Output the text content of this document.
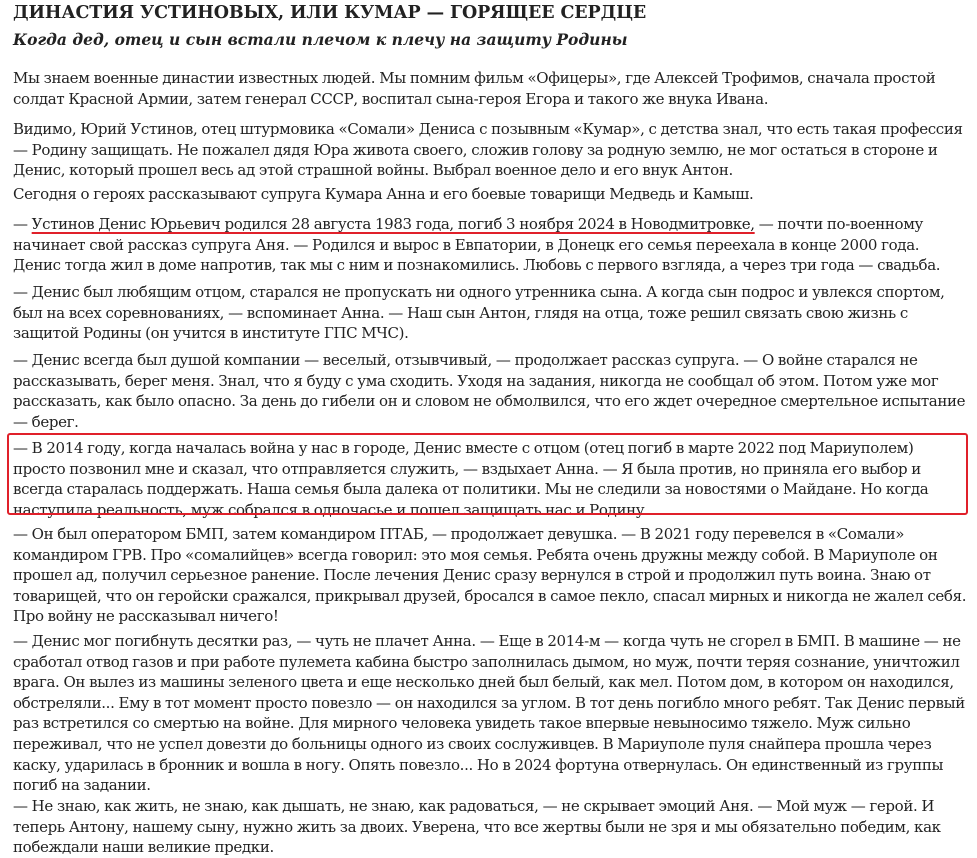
ДИНАСТИЯ УСТИНОВЫХ, ИЛИ КУМАР — ГОРЯЩЕЕ СЕРДЦЕ
Когда дед, отец и сын встали плечом к плечу на защиту Родины

Мы знаем военные династии известных людей. Мы помним фильм «Офицеры», где Алексей Трофимов, сначала простой солдат Красной Армии, затем генерал СССР, воспитал сына-героя Егора и такого же внука Ивана.

Видимо, Юрий Устинов, отец штурмовика «Сомали» Дениса с позывным «Кумар», с детства знал, что есть такая профессия — Родину защищать. Не пожалел дядя Юра живота своего, сложив голову за родную землю, не мог остаться в стороне и Денис, который прошел весь ад этой страшной войны. Выбрал военное дело и его внук Антон.

Сегодня о героях рассказывают супруга Кумара Анна и его боевые товарищи Медведь и Камыш.

— Устинов Денис Юрьевич родился 28 августа 1983 года, погиб 3 ноября 2024 в Новодмитровке, — почти по-военному начинает свой рассказ супруга Аня. — Родился и вырос в Евпатории, в Донецк его семья переехала в конце 2000 года. Денис тогда жил в доме напротив, так мы с ним и познакомились. Любовь с первого взгляда, а через три года — свадьба.

— Денис был любящим отцом, старался не пропускать ни одного утренника сына. А когда сын подрос и увлекся спортом, был на всех соревнованиях, — вспоминает Анна. — Наш сын Антон, глядя на отца, тоже решил связать свою жизнь с защитой Родины (он учится в институте ГПС МЧС).

— Денис всегда был душой компании — веселый, отзывчивый, — продолжает рассказ супруга. — О войне старался не рассказывать, берег меня. Знал, что я буду с ума сходить. Уходя на задания, никогда не сообщал об этом. Потом уже мог рассказать, как было опасно. За день до гибели он и словом не обмолвился, что его ждет очередное смертельное испытание — берег.

— В 2014 году, когда началась война у нас в городе, Денис вместе с отцом (отец погиб в марте 2022 под Мариуполем) просто позвонил мне и сказал, что отправляется служить, — вздыхает Анна. — Я была против, но приняла его выбор и всегда старалась поддержать. Наша семья была далека от политики. Мы не следили за новостями о Майдане. Но когда наступила реальность, муж собрался в одночасье и пошел защищать нас и Родину.

— Он был оператором БМП, затем командиром ПТАБ, — продолжает девушка. — В 2021 году перевелся в «Сомали» командиром ГРВ. Про «сомалийцев» всегда говорил: это моя семья. Ребята очень дружны между собой. В Мариуполе он прошел ад, получил серьезное ранение. После лечения Денис сразу вернулся в строй и продолжил путь воина. Знаю от товарищей, что он геройски сражался, прикрывал друзей, бросался в самое пекло, спасал мирных и никогда не жалел себя. Про войну не рассказывал ничего!

— Денис мог погибнуть десятки раз, — чуть не плачет Анна. — Еще в 2014-м — когда чуть не сгорел в БМП. В машине — не сработал отвод газов и при работе пулемета кабина быстро заполнилась дымом, но муж, почти теряя сознание, уничтожил врага. Он вылез из машины зеленого цвета и еще несколько дней был белый, как мел. Потом дом, в котором он находился, обстреляли... Ему в тот момент просто повезло — он находился за углом. В тот день погибло много ребят. Так Денис первый раз встретился со смертью на войне. Для мирного человека увидеть такое впервые невыносимо тяжело. Муж сильно переживал, что не успел довезти до больницы одного из своих сослуживцев. В Мариуполе пуля снайпера прошла через каску, ударилась в бронник и вошла в ногу. Опять повезло... Но в 2024 фортуна отвернулась. Он единственный из группы погиб на задании.

— Не знаю, как жить, не знаю, как дышать, не знаю, как радоваться, — не скрывает эмоций Аня. — Мой муж — герой. И теперь Антону, нашему сыну, нужно жить за двоих. Уверена, что все жертвы были не зря и мы обязательно победим, как побеждали наши великие предки.
